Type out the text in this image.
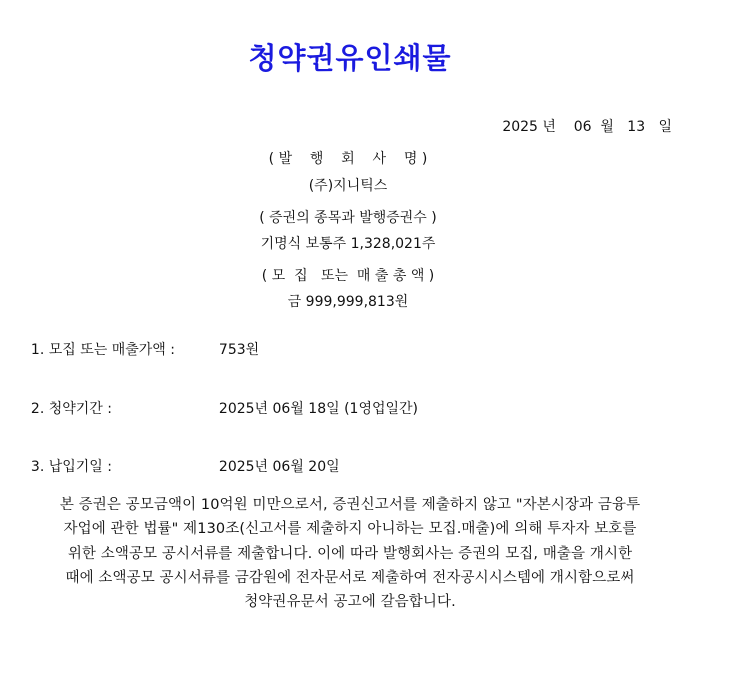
청약권유인쇄물
2025 년    06  월   13   일
( 발    행    회    사    명 )
(주)지니틱스
( 증권의 종목과 발행증권수 )
기명식 보통주 1,328,021주
( 모  집   또는  매 출 총 액 )
금 999,999,813원

1. 모집 또는 매출가액 :	753원

2. 청약기간 :	2025년 06월 18일 (1영업일간)

3. 납입기일 :	2025년 06월 20일

본 증권은 공모금액이 10억원 미만으로서, 증권신고서를 제출하지 않고 "자본시장과 금융투
자업에 관한 법률" 제130조(신고서를 제출하지 아니하는 모집.매출)에 의해 투자자 보호를
위한 소액공모 공시서류를 제출합니다. 이에 따라 발행회사는 증권의 모집, 매출을 개시한
때에 소액공모 공시서류를 금감원에 전자문서로 제출하여 전자공시시스템에 개시함으로써
청약권유문서 공고에 갈음합니다.
